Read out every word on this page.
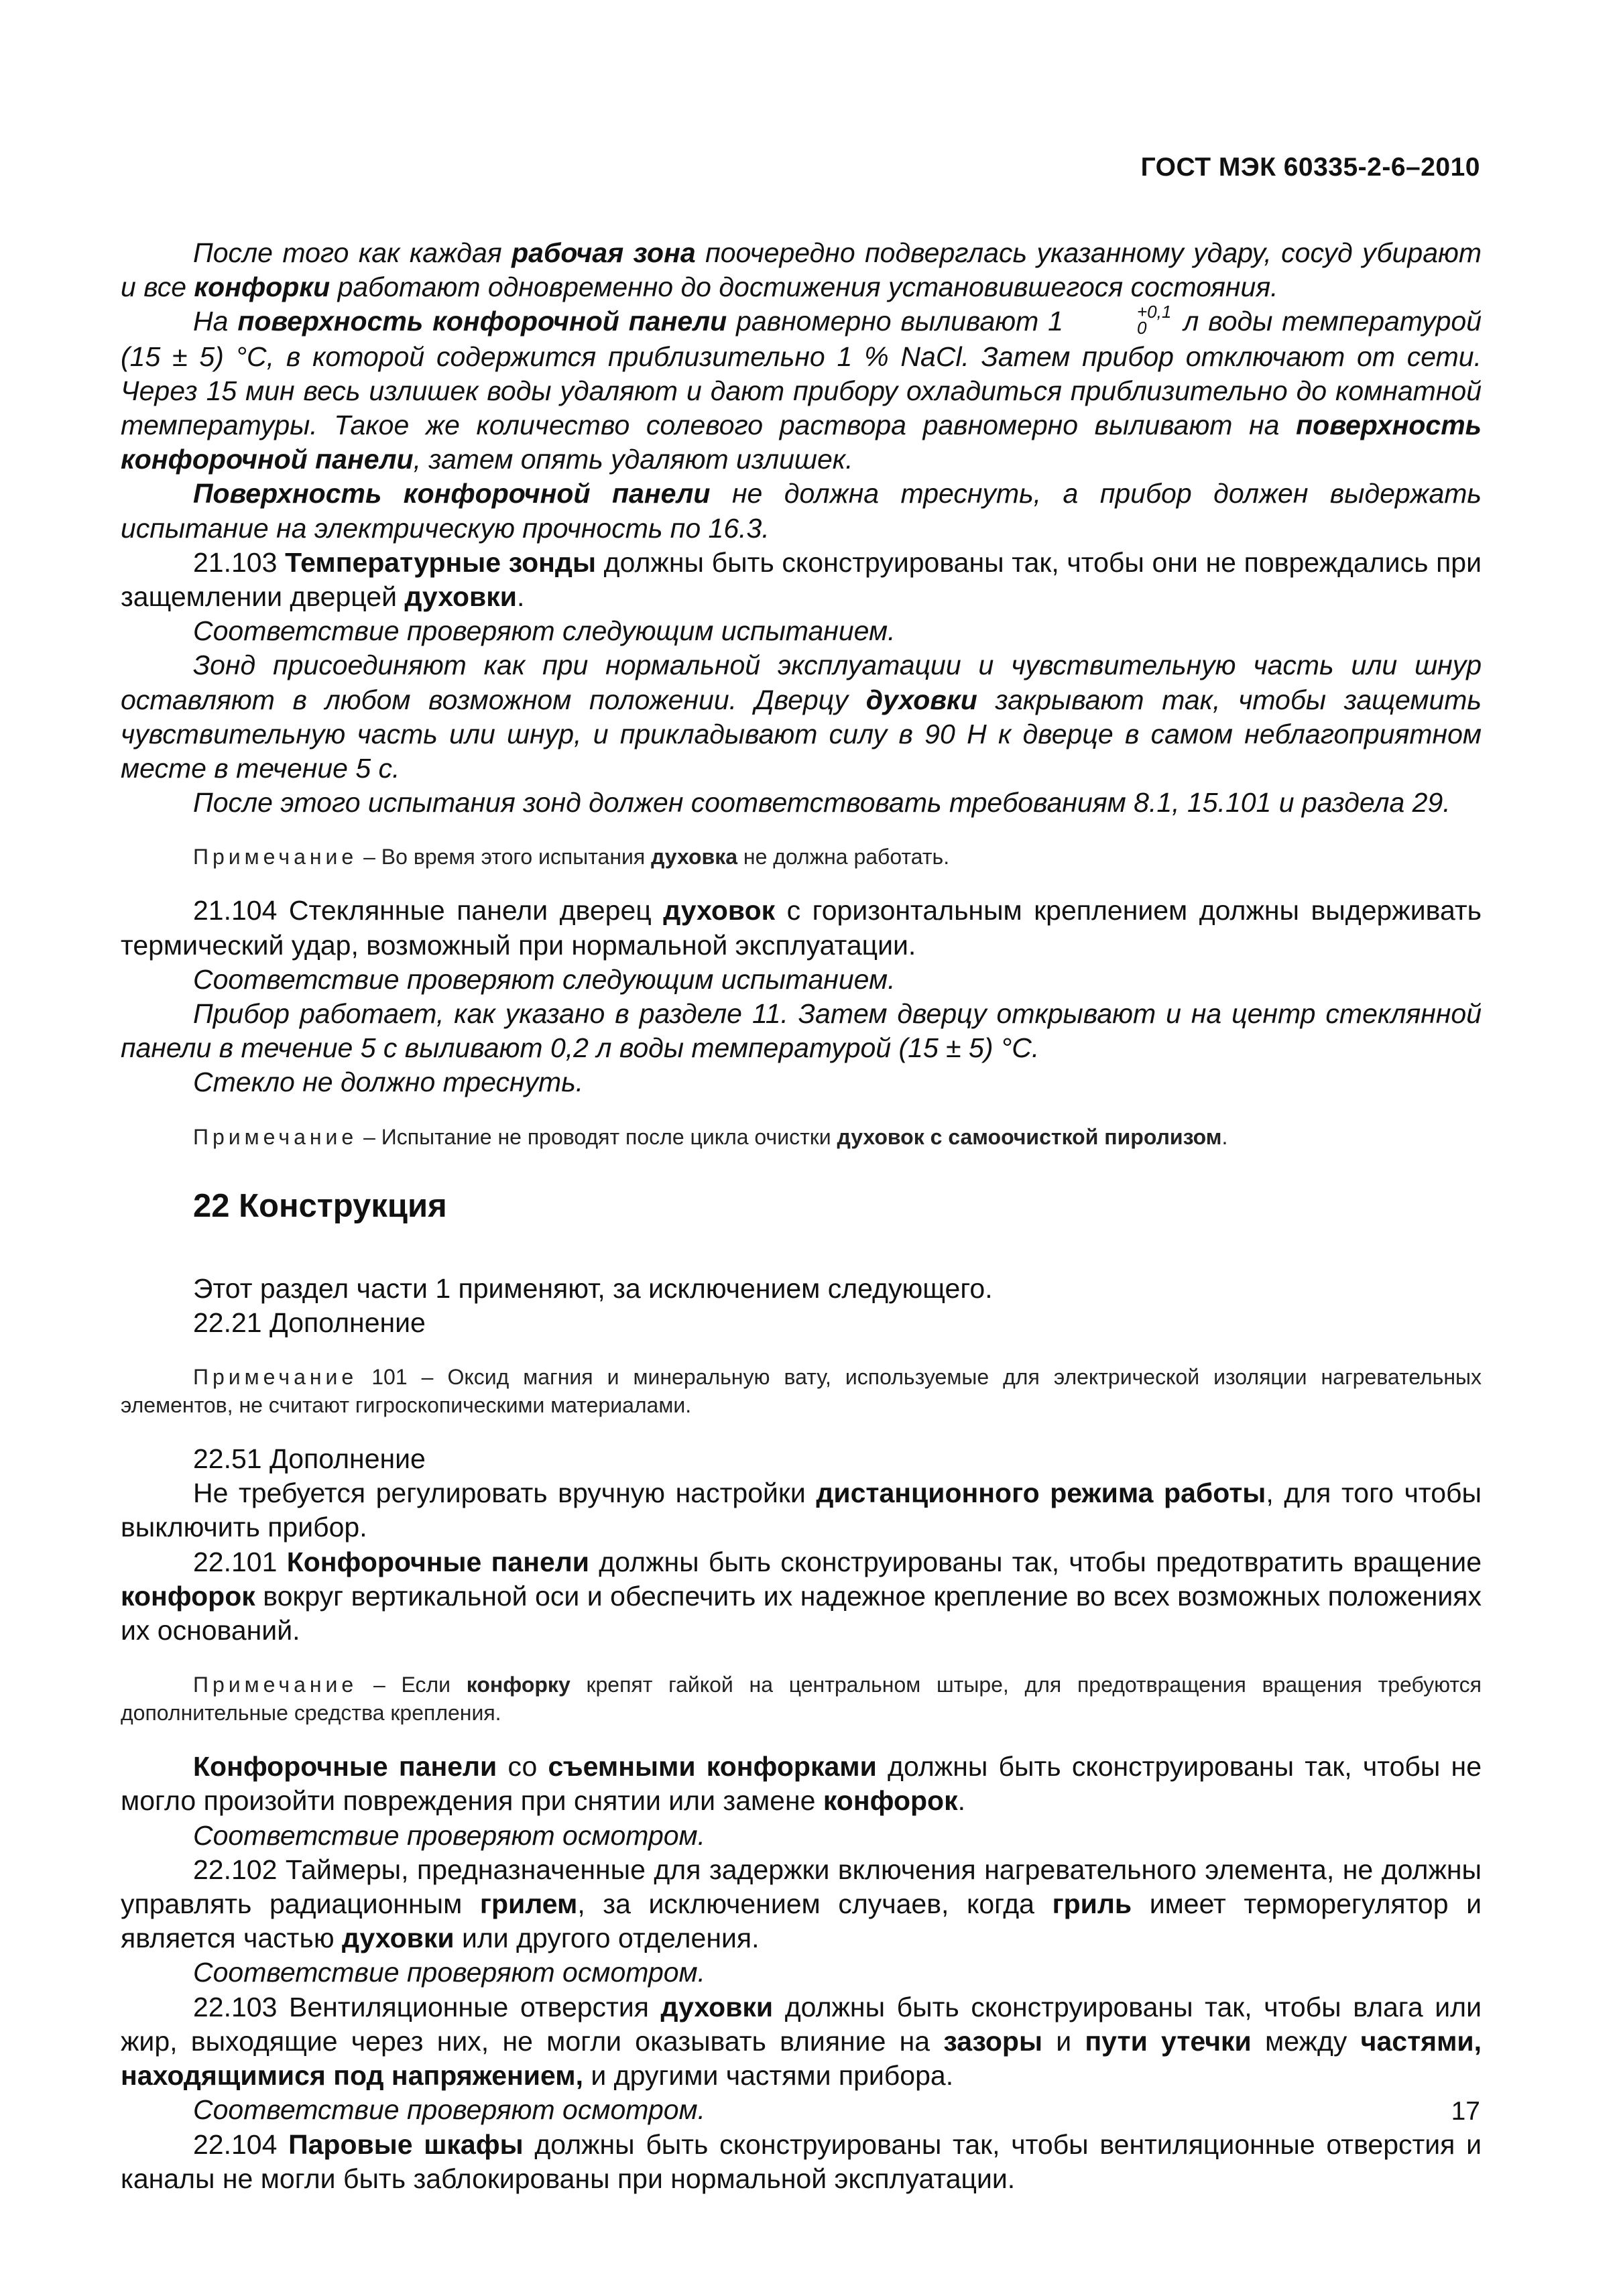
ГОСТ МЭК 60335-2-6–2010

После того как каждая рабочая зона поочередно подверглась указанному удару, сосуд убирают и все конфорки работают одновременно до достижения установившегося состояния.

На поверхность конфорочной панели равномерно выливают 1	+0,1
0 л воды температурой (15 ± 5) °С, в которой содержится приблизительно 1 % NaCl. Затем прибор отключают от сети. Через 15 мин весь излишек воды удаляют и дают прибору охладиться приблизительно до комнатной температуры. Такое же количество солевого раствора равномерно выливают на поверхность конфорочной панели, затем опять удаляют излишек.

Поверхность конфорочной панели не должна треснуть, а прибор должен выдержать испытание на электрическую прочность по 16.3.

21.103 Температурные зонды должны быть сконструированы так, чтобы они не повреждались при защемлении дверцей духовки.

Соответствие проверяют следующим испытанием.

Зонд присоединяют как при нормальной эксплуатации и чувствительную часть или шнур оставляют в любом возможном положении. Дверцу духовки закрывают так, чтобы защемить чувствительную часть или шнур, и прикладывают силу в 90 Н к дверце в самом неблагоприятном месте в течение 5 с.

После этого испытания зонд должен соответствовать требованиям 8.1, 15.101 и раздела 29.

Примечание – Во время этого испытания духовка не должна работать.

21.104 Стеклянные панели дверец духовок с горизонтальным креплением должны выдерживать термический удар, возможный при нормальной эксплуатации.

Соответствие проверяют следующим испытанием.

Прибор работает, как указано в разделе 11. Затем дверцу открывают и на центр стеклянной панели в течение 5 с выливают 0,2 л воды температурой (15 ± 5) °С.

Стекло не должно треснуть.

Примечание – Испытание не проводят после цикла очистки духовок с самоочисткой пиролизом.

22 Конструкция

Этот раздел части 1 применяют, за исключением следующего.

22.21 Дополнение

Примечание 101 – Оксид магния и минеральную вату, используемые для электрической изоляции нагревательных элементов, не считают гигроскопическими материалами.

22.51 Дополнение

Не требуется регулировать вручную настройки дистанционного режима работы, для того чтобы выключить прибор.

22.101 Конфорочные панели должны быть сконструированы так, чтобы предотвратить вращение конфорок вокруг вертикальной оси и обеспечить их надежное крепление во всех возможных положениях их оснований.

Примечание – Если конфорку крепят гайкой на центральном штыре, для предотвращения вращения требуются дополнительные средства крепления.

Конфорочные панели со съемными конфорками должны быть сконструированы так, чтобы не могло произойти повреждения при снятии или замене конфорок.

Соответствие проверяют осмотром.

22.102 Таймеры, предназначенные для задержки включения нагревательного элемента, не должны управлять радиационным грилем, за исключением случаев, когда гриль имеет терморегулятор и является частью духовки или другого отделения.

Соответствие проверяют осмотром.

22.103 Вентиляционные отверстия духовки должны быть сконструированы так, чтобы влага или жир, выходящие через них, не могли оказывать влияние на зазоры и пути утечки между частями, находящимися под напряжением, и другими частями прибора.

Соответствие проверяют осмотром.

22.104 Паровые шкафы должны быть сконструированы так, чтобы вентиляционные отверстия и каналы не могли быть заблокированы при нормальной эксплуатации.

17
